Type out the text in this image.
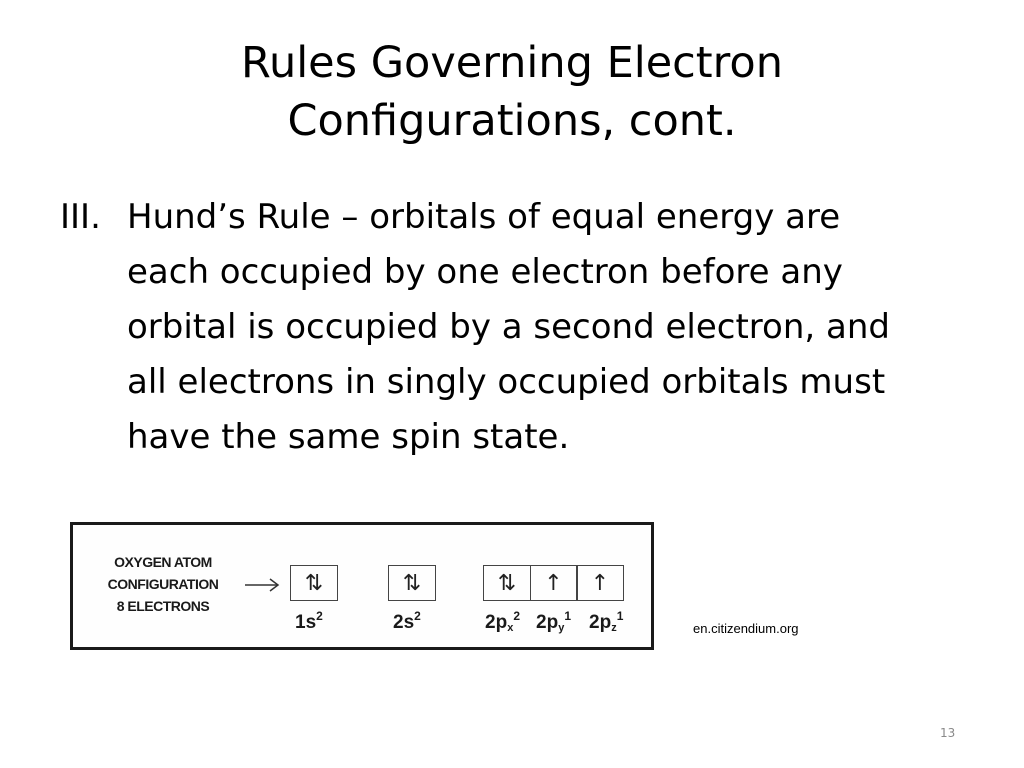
Rules Governing Electron
Configurations, cont.
III. Hund’s Rule – orbitals of equal energy are
each occupied by one electron before any
orbital is occupied by a second electron, and
all electrons in singly occupied orbitals must
have the same spin state.
OXYGEN ATOM
CONFIGURATION
8 ELECTRONS
⇅
$1s^2$
⇅
$2s^2$
⇅	↑	↑
$2p_x^2$ $2p_y^1$ $2p_z^1$
en.citizendium.org
13
